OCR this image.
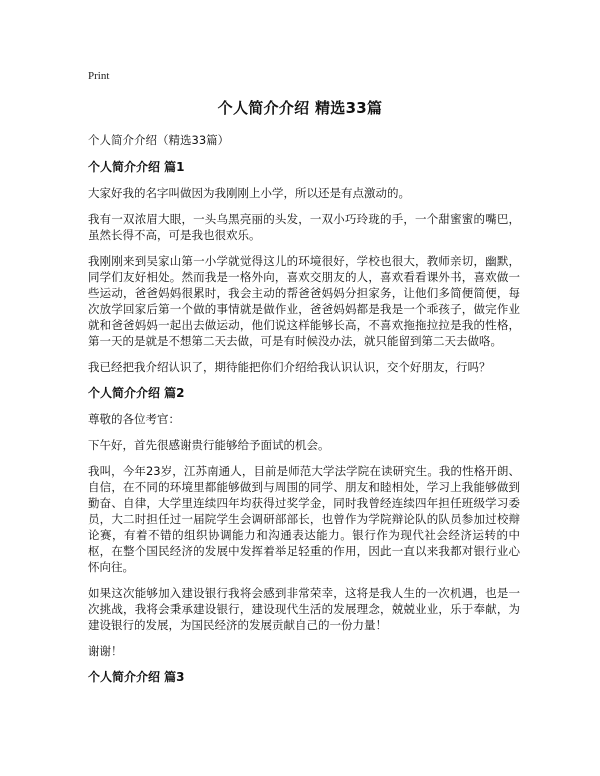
Print
个人简介介绍 精选33篇
个人简介介绍（精选33篇）
个人简介介绍 篇1

大家好我的名字叫做因为我刚刚上小学，所以还是有点激动的。

我有一双浓眉大眼，一头乌黑亮丽的头发，一双小巧玲珑的手，一个甜蜜蜜的嘴巴，虽然长得不高，可是我也很欢乐。

我刚刚来到吴家山第一小学就觉得这儿的环境很好，学校也很大，教师亲切，幽默，同学们友好相处。然而我是一格外向，喜欢交朋友的人，喜欢看看课外书，喜欢做一些运动，爸爸妈妈很累时，我会主动的帮爸爸妈妈分担家务，让他们多简便简便，每次放学回家后第一个做的事情就是做作业，爸爸妈妈都是我是一个乖孩子，做完作业就和爸爸妈妈一起出去做运动，他们说这样能够长高，不喜欢拖拖拉拉是我的性格，第一天的是就是不想第二天去做，可是有时候没办法，就只能留到第二天去做咯。

我已经把我介绍认识了，期待能把你们介绍给我认识认识，交个好朋友，行吗？

个人简介介绍 篇2

尊敬的各位考官：

下午好，首先很感谢贵行能够给予面试的机会。

我叫，今年23岁，江苏南通人，目前是师范大学法学院在读研究生。我的性格开朗、自信，在不同的环境里都能够做到与周围的同学、朋友和睦相处，学习上我能够做到勤奋、自律，大学里连续四年均获得过奖学金，同时我曾经连续四年担任班级学习委员，大二时担任过一届院学生会调研部部长，也曾作为学院辩论队的队员参加过校辩论赛，有着不错的组织协调能力和沟通表达能力。银行作为现代社会经济运转的中枢，在整个国民经济的发展中发挥着举足轻重的作用，因此一直以来我都对银行业心怀向往。

如果这次能够加入建设银行我将会感到非常荣幸，这将是我人生的一次机遇，也是一次挑战，我将会秉承建设银行，建设现代生活的发展理念，兢兢业业，乐于奉献，为建设银行的发展，为国民经济的发展贡献自己的一份力量！

谢谢！

个人简介介绍 篇3
